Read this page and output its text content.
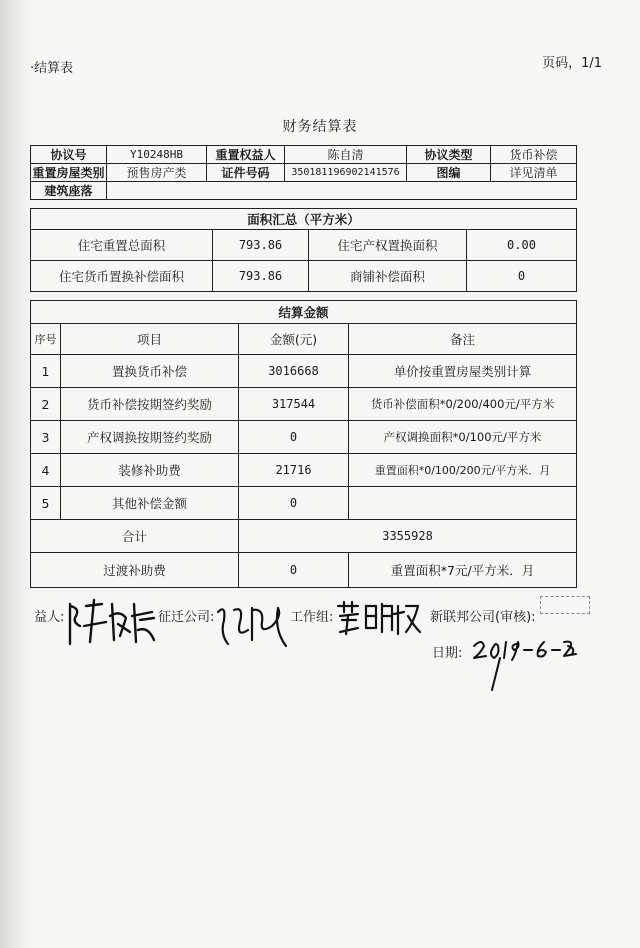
·结算表	页码，1/1
财务结算表
协议号	Y10248HB	重置权益人	陈自清	协议类型	货币补偿
重置房屋类别	预售房产类	证件号码	350181196902141576	图编	详见清单
建筑座落					
面积汇总（平方米）			
住宅重置总面积	793.86	住宅产权置换面积	0.00
住宅货币置换补偿面积	793.86	商铺补偿面积	0
结算金额			
序号	项目	金额(元)	备注
1	置换货币补偿	3016668	单价按重置房屋类别计算
2	货币补偿按期签约奖励	317544	货币补偿面积*0/200/400元/平方米
3	产权调换按期签约奖励	0	产权调换面积*0/100元/平方米
4	装修补助费	21716	重置面积*0/100/200元/平方米．月
5	其他补偿金额	0	
合计		3355928	
过渡补助费		0	重置面积*7元/平方米．月
益人:	征迁公司:	工作组:	新联邦公司(审核):
日期:
